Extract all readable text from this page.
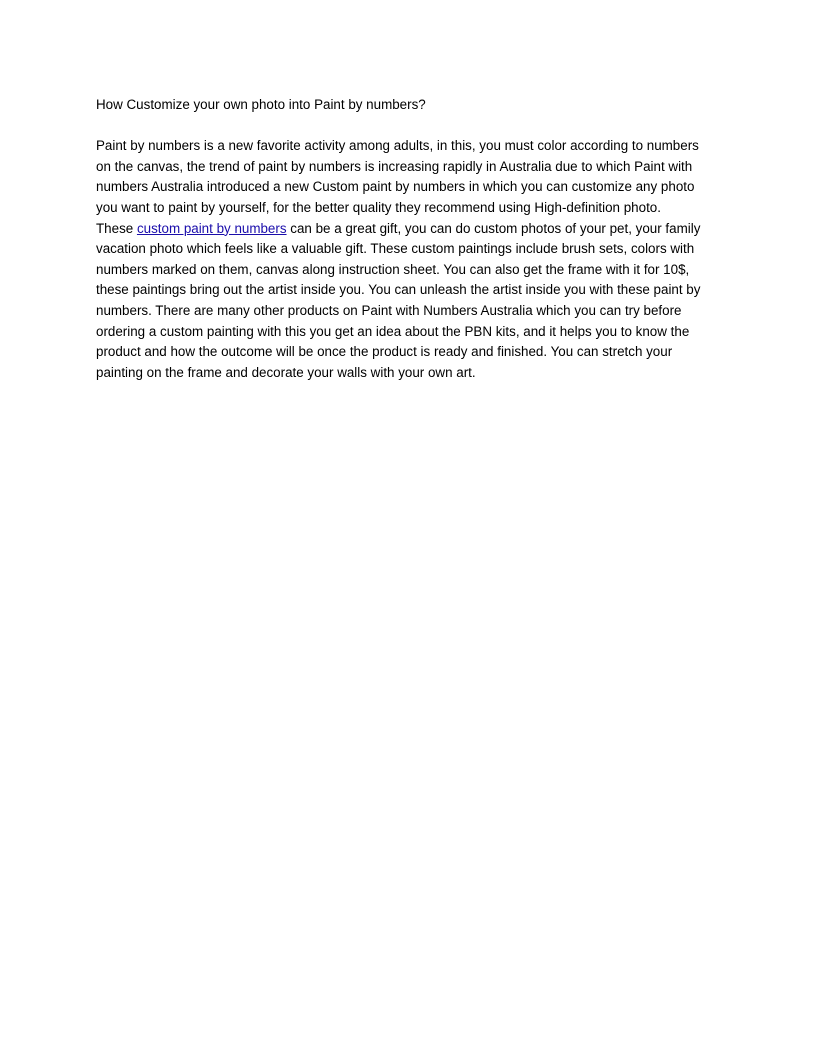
How Customize your own photo into Paint by numbers?

Paint by numbers is a new favorite activity among adults, in this, you must color according to numbers
on the canvas, the trend of paint by numbers is increasing rapidly in Australia due to which Paint with
numbers Australia introduced a new Custom paint by numbers in which you can customize any photo
you want to paint by yourself, for the better quality they recommend using High-definition photo.
These custom paint by numbers can be a great gift, you can do custom photos of your pet, your family
vacation photo which feels like a valuable gift. These custom paintings include brush sets, colors with
numbers marked on them, canvas along instruction sheet. You can also get the frame with it for 10$,
these paintings bring out the artist inside you. You can unleash the artist inside you with these paint by
numbers. There are many other products on Paint with Numbers Australia which you can try before
ordering a custom painting with this you get an idea about the PBN kits, and it helps you to know the
product and how the outcome will be once the product is ready and finished. You can stretch your
painting on the frame and decorate your walls with your own art.
